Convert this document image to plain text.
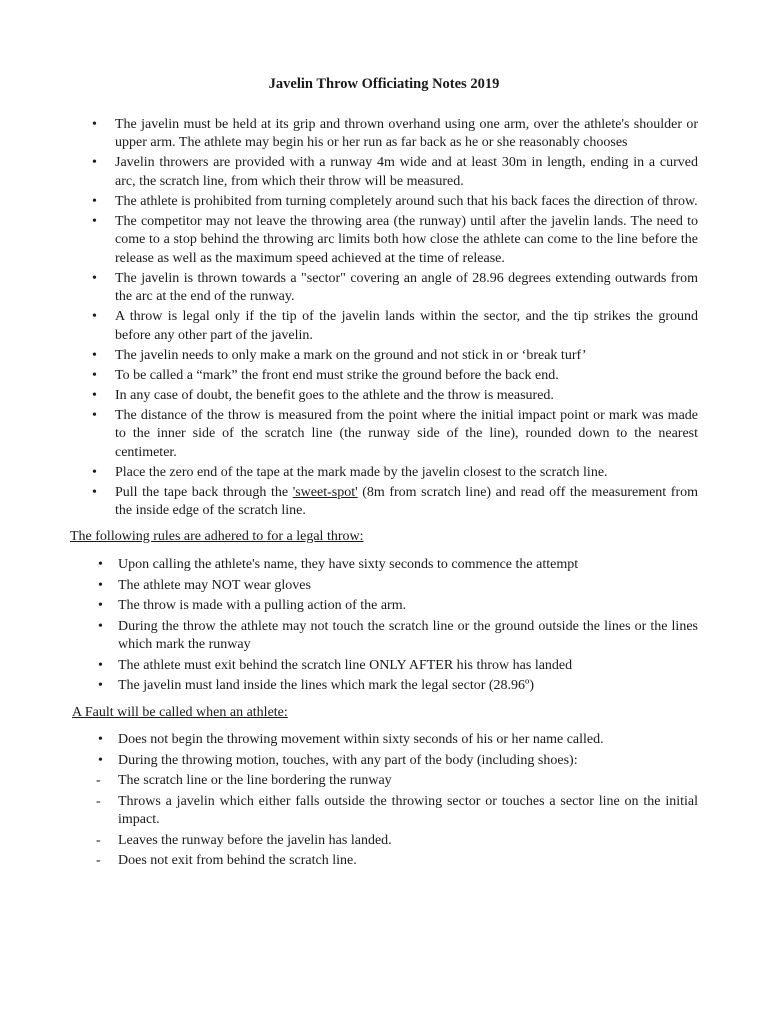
Javelin Throw Officiating Notes 2019
• The javelin must be held at its grip and thrown overhand using one arm, over the athlete's shoulder or upper arm. The athlete may begin his or her run as far back as he or she reasonably chooses
• Javelin throwers are provided with a runway 4m wide and at least 30m in length, ending in a curved arc, the scratch line, from which their throw will be measured.
• The athlete is prohibited from turning completely around such that his back faces the direction of throw.
• The competitor may not leave the throwing area (the runway) until after the javelin lands. The need to come to a stop behind the throwing arc limits both how close the athlete can come to the line before the release as well as the maximum speed achieved at the time of release.
• The javelin is thrown towards a "sector" covering an angle of 28.96 degrees extending outwards from the arc at the end of the runway.
• A throw is legal only if the tip of the javelin lands within the sector, and the tip strikes the ground before any other part of the javelin.
• The javelin needs to only make a mark on the ground and not stick in or ‘break turf’
• To be called a “mark” the front end must strike the ground before the back end.
• In any case of doubt, the benefit goes to the athlete and the throw is measured.
• The distance of the throw is measured from the point where the initial impact point or mark was made to the inner side of the scratch line (the runway side of the line), rounded down to the nearest centimeter.
• Place the zero end of the tape at the mark made by the javelin closest to the scratch line.
• Pull the tape back through the 'sweet-spot' (8m from scratch line) and read off the measurement from the inside edge of the scratch line.
The following rules are adhered to for a legal throw:
• Upon calling the athlete's name, they have sixty seconds to commence the attempt
• The athlete may NOT wear gloves
• The throw is made with a pulling action of the arm.
• During the throw the athlete may not touch the scratch line or the ground outside the lines or the lines which mark the runway
• The athlete must exit behind the scratch line ONLY AFTER his throw has landed
• The javelin must land inside the lines which mark the legal sector (28.96º)
A Fault will be called when an athlete:
• Does not begin the throwing movement within sixty seconds of his or her name called.
• During the throwing motion, touches, with any part of the body (including shoes):
- The scratch line or the line bordering the runway
- Throws a javelin which either falls outside the throwing sector or touches a sector line on the initial impact.
- Leaves the runway before the javelin has landed.
- Does not exit from behind the scratch line.
